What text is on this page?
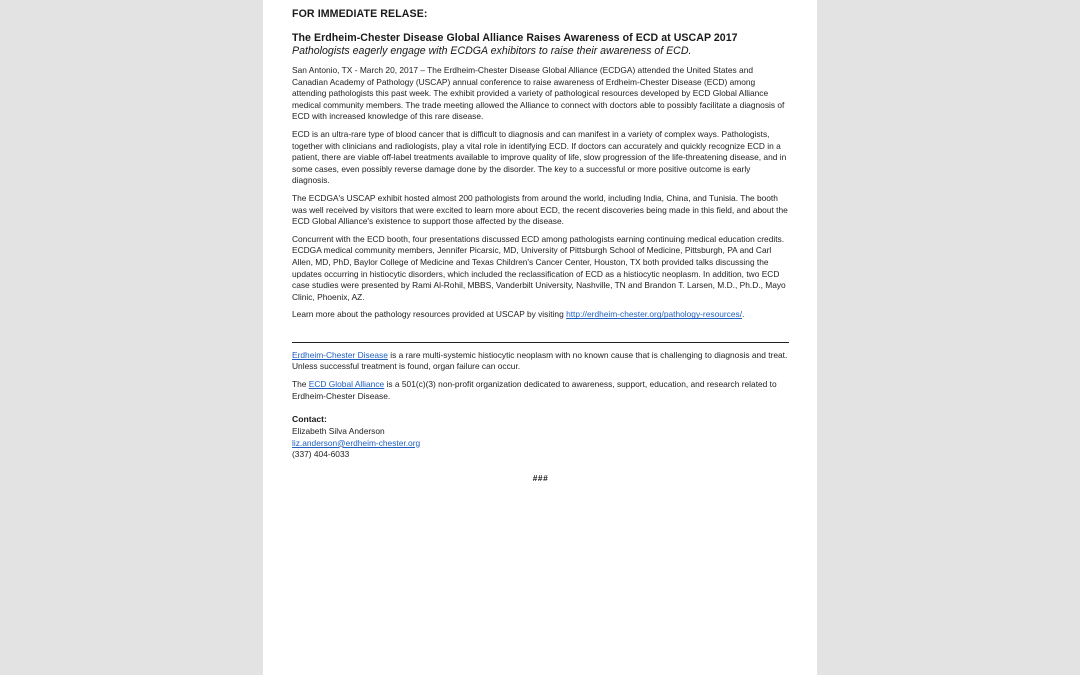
FOR IMMEDIATE RELASE:
The Erdheim-Chester Disease Global Alliance Raises Awareness of ECD at USCAP 2017
Pathologists eagerly engage with ECDGA exhibitors to raise their awareness of ECD.

San Antonio, TX - March 20, 2017 – The Erdheim-Chester Disease Global Alliance (ECDGA) attended the United States and Canadian Academy of Pathology (USCAP) annual conference to raise awareness of Erdheim-Chester Disease (ECD) among attending pathologists this past week. The exhibit provided a variety of pathological resources developed by ECD Global Alliance medical community members. The trade meeting allowed the Alliance to connect with doctors able to possibly facilitate a diagnosis of ECD with increased knowledge of this rare disease.

ECD is an ultra-rare type of blood cancer that is difficult to diagnosis and can manifest in a variety of complex ways. Pathologists, together with clinicians and radiologists, play a vital role in identifying ECD. If doctors can accurately and quickly recognize ECD in a patient, there are viable off-label treatments available to improve quality of life, slow progression of the life-threatening disease, and in some cases, even possibly reverse damage done by the disorder. The key to a successful or more positive outcome is early diagnosis.

The ECDGA's USCAP exhibit hosted almost 200 pathologists from around the world, including India, China, and Tunisia. The booth was well received by visitors that were excited to learn more about ECD, the recent discoveries being made in this field, and about the ECD Global Alliance's existence to support those affected by the disease.

Concurrent with the ECD booth, four presentations discussed ECD among pathologists earning continuing medical education credits. ECDGA medical community members, Jennifer Picarsic, MD, University of Pittsburgh School of Medicine, Pittsburgh, PA and Carl Allen, MD, PhD, Baylor College of Medicine and Texas Children's Cancer Center, Houston, TX both provided talks discussing the updates occurring in histiocytic disorders, which included the reclassification of ECD as a histiocytic neoplasm. In addition, two ECD case studies were presented by Rami Al-Rohil, MBBS, Vanderbilt University, Nashville, TN and Brandon T. Larsen, M.D., Ph.D., Mayo Clinic, Phoenix, AZ.

Learn more about the pathology resources provided at USCAP by visiting http://erdheim-chester.org/pathology-resources/.

Erdheim-Chester Disease is a rare multi-systemic histiocytic neoplasm with no known cause that is challenging to diagnosis and treat. Unless successful treatment is found, organ failure can occur.

The ECD Global Alliance is a 501(c)(3) non-profit organization dedicated to awareness, support, education, and research related to Erdheim-Chester Disease.

Contact:
Elizabeth Silva Anderson
liz.anderson@erdheim-chester.org
(337) 404-6033
###
